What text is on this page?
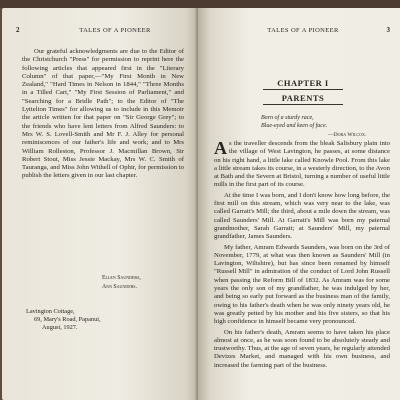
2	TALES OF A PIONEER
Our grateful acknowledgments are due to the Editor of the Christchurch "Press" for permission to reprint here the following articles that appeared first in the "Literary Column" of that paper,—"My First Month in New Zealand," "Hard Times in Nelson in 1844," "Three Months in a Tilled Cart," "My First Session of Parliament," and "Searching for a Bridle Path"; to the Editor of "The Lyttelton Times" for allowing us to include in this Memoir the article written for that paper on "Sir George Grey"; to the friends who have lent letters from Alfred Saunders: to Mrs W. S. Lovell-Smith and Mr F. J. Alley for personal reminiscences of our father's life and work; and to Mrs William Rolleston, Professor J. Macmillan Brown, Sir Robert Stout, Miss Jessie Mackay, Mrs W. C. Smith of Tauranga, and Miss John Withell of Ophir, for permission to publish the letters given in our last chapter.
Ellen Saunders,
Ann Saunders.
Lavington Cottage,
69, Mary's Road, Papanui,
August, 1927.
TALES OF A PIONEER	3
CHAPTER I
PARENTS
Born of a sturdy race,
Blue-eyed and keen of face.
—Dora Wilcox.

As the traveller descends from the bleak Salisbury plain into the village of West Lavington, he passes, at some distance on his right hand, a little lake called Knowle Pool. From this lake a little stream takes its course, in a westerly direction, to the Avon at Bath and the Severn at Bristol, turning a number of useful little mills in the first part of its course.

At the time I was born, and I don't know how long before, the first mill on this stream, which was very near to the lake, was called Garratt's Mill; the third, about a mile down the stream, was called Saunders' Mill. At Garratt's Mill was born my paternal grandmother, Sarah Garratt; at Saunders' Mill, my paternal grandfather, James Saunders.

My father, Amram Edwards Saunders, was born on the 3rd of November, 1779, at what was then known as Saunders' Mill (in Lavington, Wiltshire), but has since been renamed by himself "Russell Mill" in admiration of the conduct of Lord John Russell when passing the Reform Bill of 1832. As Amram was for some years the only son of my grandfather, he was indulged by her, and being so early put forward as the business man of the family, owing to his father's death when he was only ninety years old, he was greatly petted by his mother and his five sisters, so that his high confidence in himself became very pronounced.

On his father's death, Amram seems to have taken his place almost at once, as he was soon found to be absolutely steady and trustworthy. Thus, at the age of seven years, he regularly attended Devizes Market, and managed with his own business, and increased the farming part of the business.
